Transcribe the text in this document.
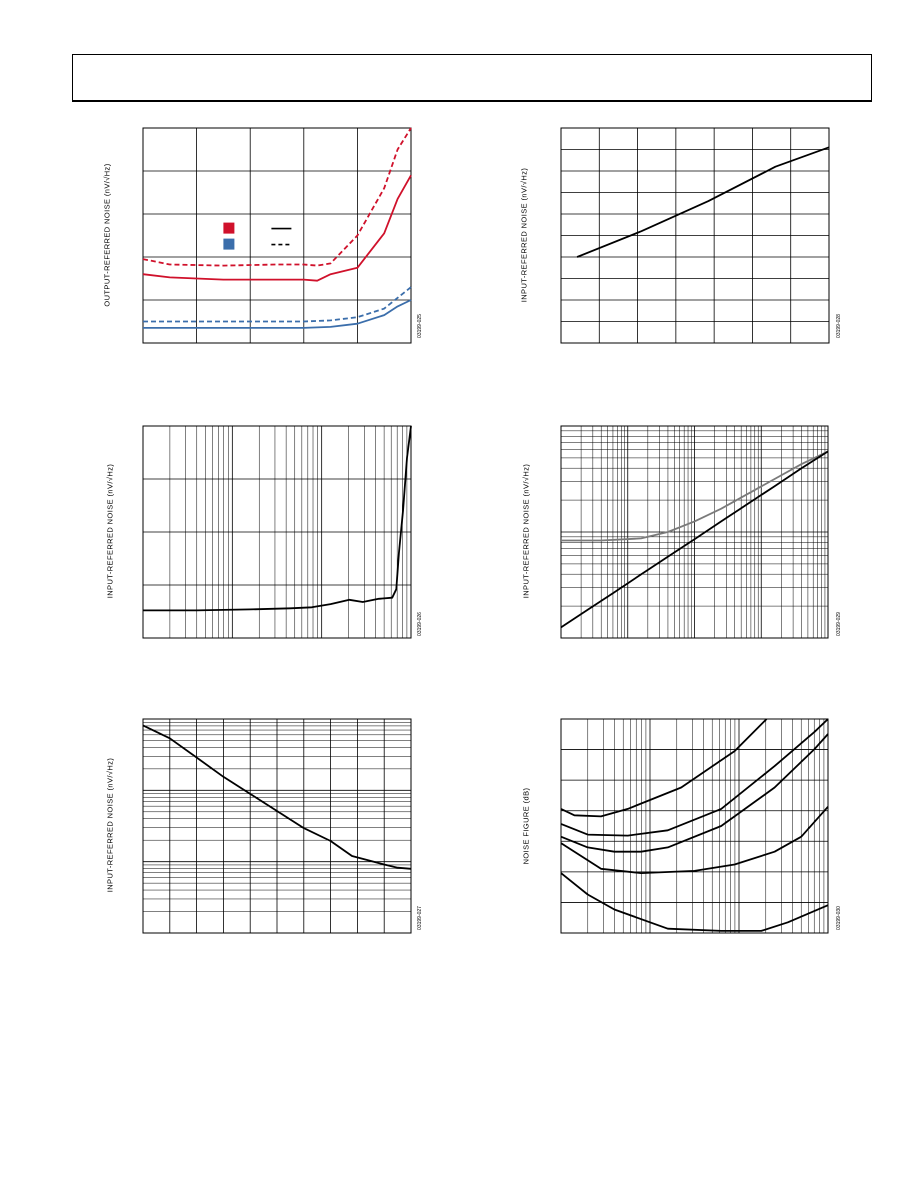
OUTPUT-REFERRED NOISE (nV/√Hz)
03199-025
INPUT-REFERRED NOISE (nV/√Hz)
03199-028
INPUT-REFERRED NOISE (nV/√Hz)
03199-026
INPUT-REFERRED NOISE (nV/√Hz)
03199-029
INPUT-REFERRED NOISE (nV/√Hz)
03199-027
NOISE FIGURE (dB)
03199-030
